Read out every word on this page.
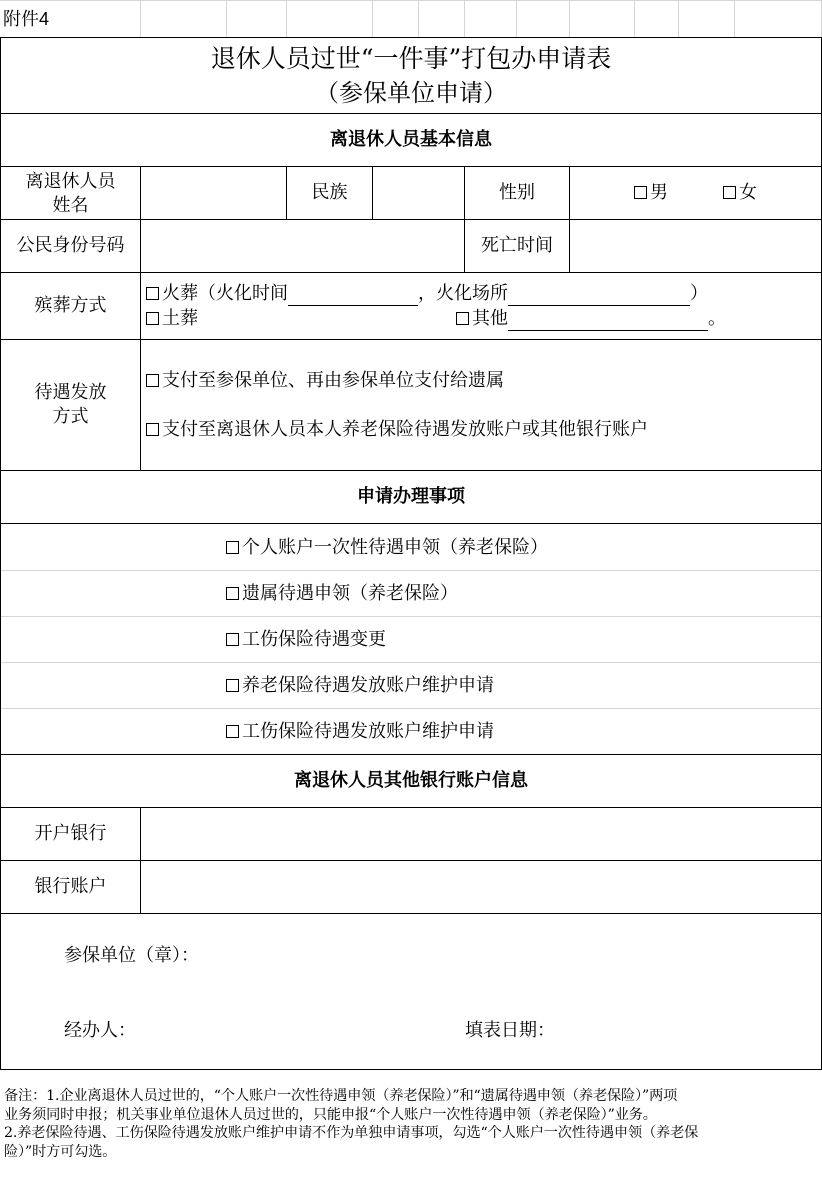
附件4
退休人员过世“一件事”打包办申请表
（参保单位申请）
离退休人员基本信息
离退休人员
姓名
民族	性别	男	女
公民身份号码	死亡时间
殡葬方式
火葬（火化时间	，火化场所	）
土葬	其他	。
待遇发放
方式
支付至参保单位、再由参保单位支付给遗属
支付至离退休人员本人养老保险待遇发放账户或其他银行账户
申请办理事项
个人账户一次性待遇申领（养老保险）
遗属待遇申领（养老保险）
工伤保险待遇变更
养老保险待遇发放账户维护申请
工伤保险待遇发放账户维护申请
离退休人员其他银行账户信息
开户银行
银行账户
参保单位（章）：
经办人：	填表日期：
备注：1.企业离退休人员过世的，“个人账户一次性待遇申领（养老保险）”和“遗属待遇申领（养老保险）”两项
业务须同时申报；机关事业单位退休人员过世的，只能申报“个人账户一次性待遇申领（养老保险）”业务。
2.养老保险待遇、工伤保险待遇发放账户维护申请不作为单独申请事项，勾选“个人账户一次性待遇申领（养老保
险）”时方可勾选。
